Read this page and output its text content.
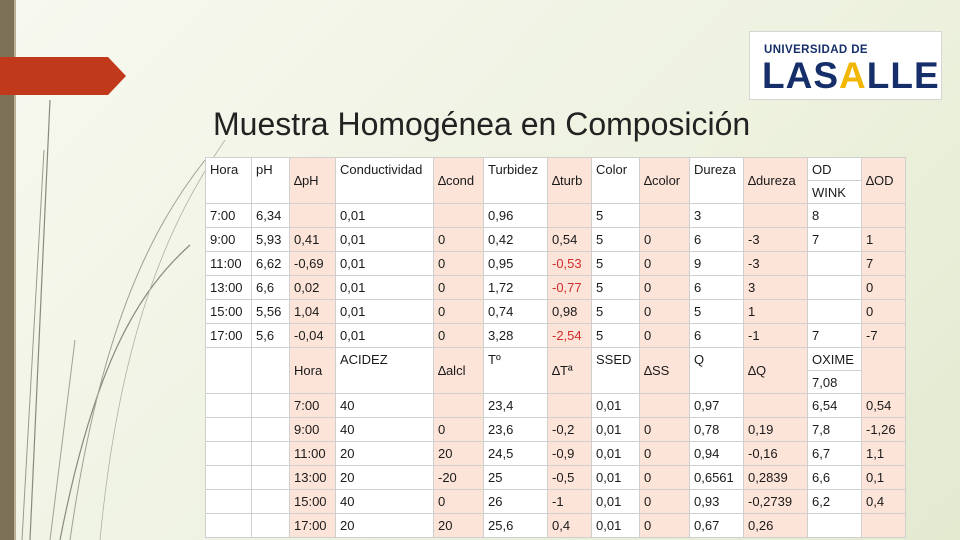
UNIVERSIDAD DE
LASALLE
Muestra Homogénea en Composición
Hora	pH	∆pH	Conductividad	∆cond	Turbidez	∆turb	Color	∆color	Dureza	∆dureza	OD	∆OD
											WINK	
7:00	6,34		0,01		0,96		5		3		8	
9:00	5,93	0,41	0,01	0	0,42	0,54	5	0	6	-3	7	1
11:00	6,62	-0,69	0,01	0	0,95	-0,53	5	0	9	-3		7
13:00	6,6	0,02	0,01	0	1,72	-0,77	5	0	6	3		0
15:00	5,56	1,04	0,01	0	0,74	0,98	5	0	5	1		0
17:00	5,6	-0,04	0,01	0	3,28	-2,54	5	0	6	-1	7	-7
		Hora	ACIDEZ	∆alcl	Tº	∆Tª	SSED	∆SS	Q	∆Q	OXIME	
											7,08	
		7:00	40		23,4		0,01		0,97		6,54	0,54
		9:00	40	0	23,6	-0,2	0,01	0	0,78	0,19	7,8	-1,26
		11:00	20	20	24,5	-0,9	0,01	0	0,94	-0,16	6,7	1,1
		13:00	20	-20	25	-0,5	0,01	0	0,6561	0,2839	6,6	0,1
		15:00	40	0	26	-1	0,01	0	0,93	-0,2739	6,2	0,4
		17:00	20	20	25,6	0,4	0,01	0	0,67	0,26		
